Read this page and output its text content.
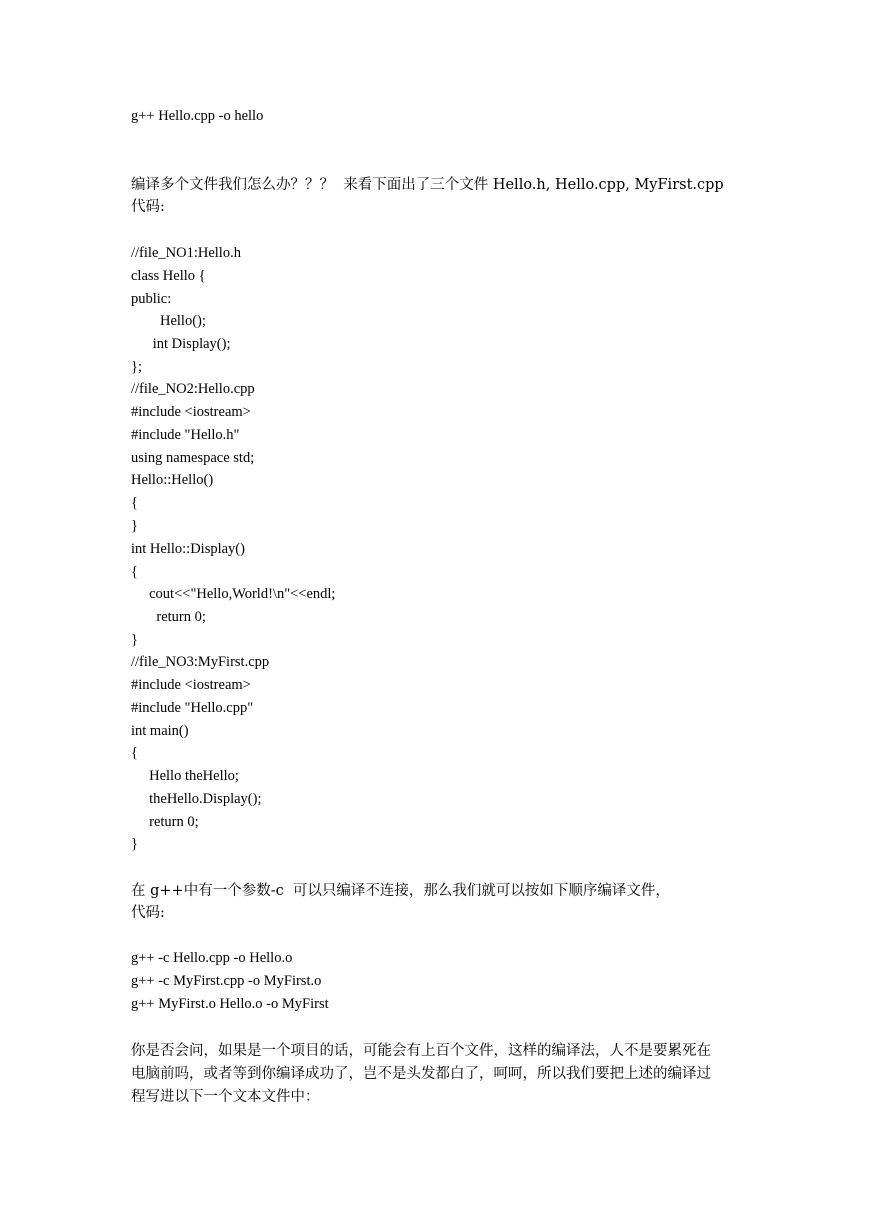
g++ Hello.cpp -o hello
编译多个文件我们怎么办？？？  来看下面出了三个文件 Hello.h, Hello.cpp, MyFirst.cpp
代码:
//file_NO1:Hello.h
class Hello {
public:
Hello();
int Display();
};
//file_NO2:Hello.cpp
#include <iostream>
#include "Hello.h"
using namespace std;
Hello::Hello()
{
}
int Hello::Display()
{
cout<<"Hello,World!\n"<<endl;
return 0;
}
//file_NO3:MyFirst.cpp
#include <iostream>
#include "Hello.cpp"
int main()
{
Hello theHello;
theHello.Display();
return 0;
}
在 g++中有一个参数-c  可以只编译不连接，那么我们就可以按如下顺序编译文件，
代码:
g++ -c Hello.cpp -o Hello.o
g++ -c MyFirst.cpp -o MyFirst.o
g++ MyFirst.o Hello.o -o MyFirst
你是否会问，如果是一个项目的话，可能会有上百个文件，这样的编译法，人不是要累死在
电脑前吗，或者等到你编译成功了，岂不是头发都白了，呵呵，所以我们要把上述的编译过
程写进以下一个文本文件中：
